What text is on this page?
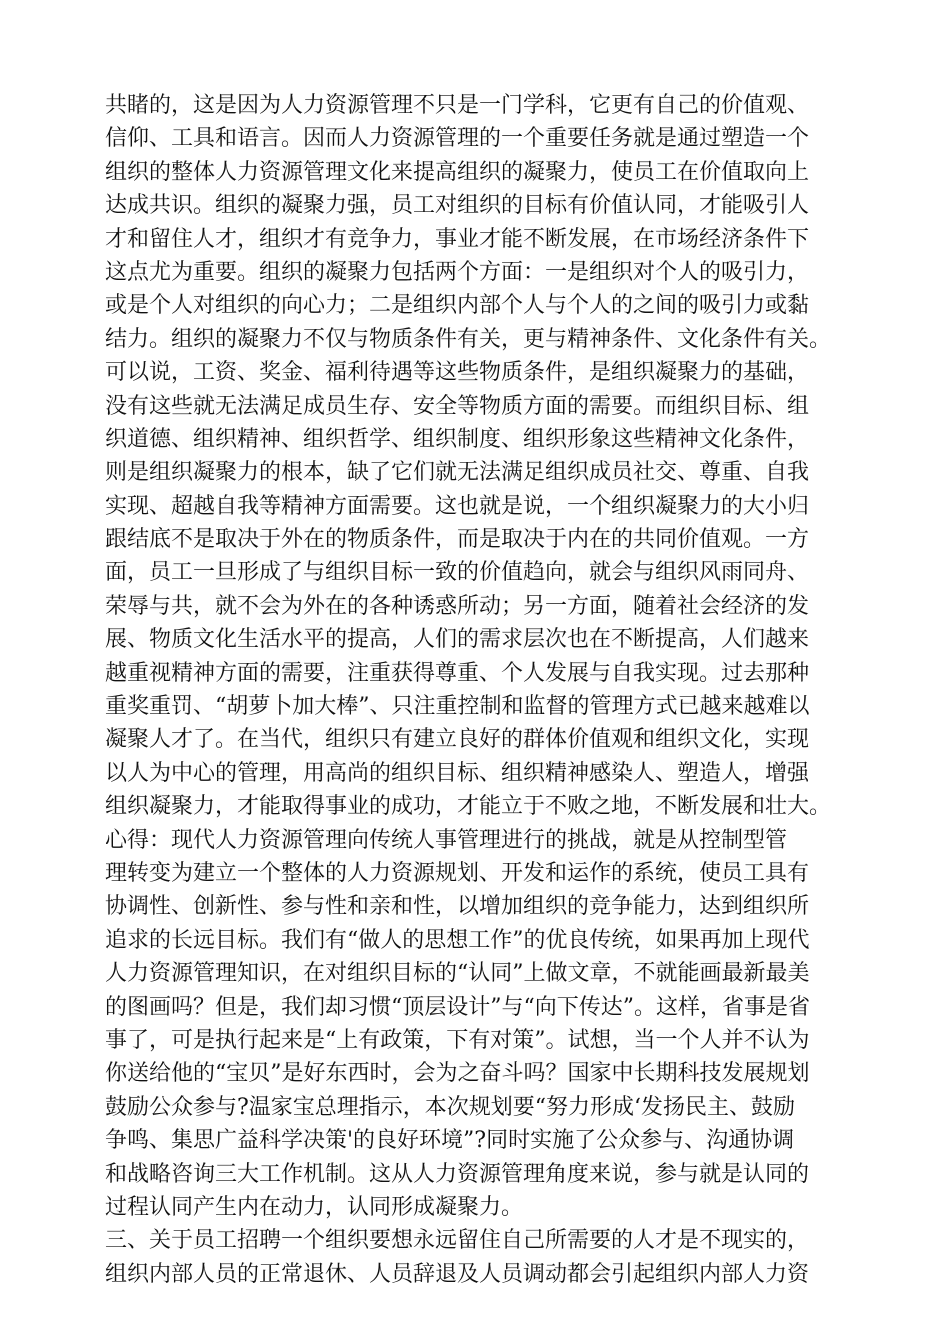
共睹的，这是因为人力资源管理不只是一门学科，它更有自己的价值观、
信仰、工具和语言。因而人力资源管理的一个重要任务就是通过塑造一个
组织的整体人力资源管理文化来提高组织的凝聚力，使员工在价值取向上
达成共识。组织的凝聚力强，员工对组织的目标有价值认同，才能吸引人
才和留住人才，组织才有竞争力，事业才能不断发展，在市场经济条件下
这点尤为重要。组织的凝聚力包括两个方面：一是组织对个人的吸引力，
或是个人对组织的向心力；二是组织内部个人与个人的之间的吸引力或黏
结力。组织的凝聚力不仅与物质条件有关，更与精神条件、文化条件有关。
可以说，工资、奖金、福利待遇等这些物质条件，是组织凝聚力的基础，
没有这些就无法满足成员生存、安全等物质方面的需要。而组织目标、组
织道德、组织精神、组织哲学、组织制度、组织形象这些精神文化条件，
则是组织凝聚力的根本，缺了它们就无法满足组织成员社交、尊重、自我
实现、超越自我等精神方面需要。这也就是说，一个组织凝聚力的大小归
跟结底不是取决于外在的物质条件，而是取决于内在的共同价值观。一方
面，员工一旦形成了与组织目标一致的价值趋向，就会与组织风雨同舟、
荣辱与共，就不会为外在的各种诱惑所动；另一方面，随着社会经济的发
展、物质文化生活水平的提高，人们的需求层次也在不断提高，人们越来
越重视精神方面的需要，注重获得尊重、个人发展与自我实现。过去那种
重奖重罚、“胡萝卜加大棒”、只注重控制和监督的管理方式已越来越难以
凝聚人才了。在当代，组织只有建立良好的群体价值观和组织文化，实现
以人为中心的管理，用高尚的组织目标、组织精神感染人、塑造人，增强
组织凝聚力，才能取得事业的成功，才能立于不败之地，不断发展和壮大。
心得：现代人力资源管理向传统人事管理进行的挑战，就是从控制型管
理转变为建立一个整体的人力资源规划、开发和运作的系统，使员工具有
协调性、创新性、参与性和亲和性，以增加组织的竞争能力，达到组织所
追求的长远目标。我们有“做人的思想工作”的优良传统，如果再加上现代
人力资源管理知识，在对组织目标的“认同”上做文章，不就能画最新最美
的图画吗？但是，我们却习惯“顶层设计”与“向下传达”。这样，省事是省
事了，可是执行起来是“上有政策，下有对策”。试想，当一个人并不认为
你送给他的“宝贝”是好东西时，会为之奋斗吗？国家中长期科技发展规划
鼓励公众参与?温家宝总理指示，本次规划要“努力形成‘发扬民主、鼓励
争鸣、集思广益科学决策'的良好环境”?同时实施了公众参与、沟通协调
和战略咨询三大工作机制。这从人力资源管理角度来说，参与就是认同的
过程认同产生内在动力，认同形成凝聚力。
三、关于员工招聘一个组织要想永远留住自己所需要的人才是不现实的，
组织内部人员的正常退休、人员辞退及人员调动都会引起组织内部人力资
